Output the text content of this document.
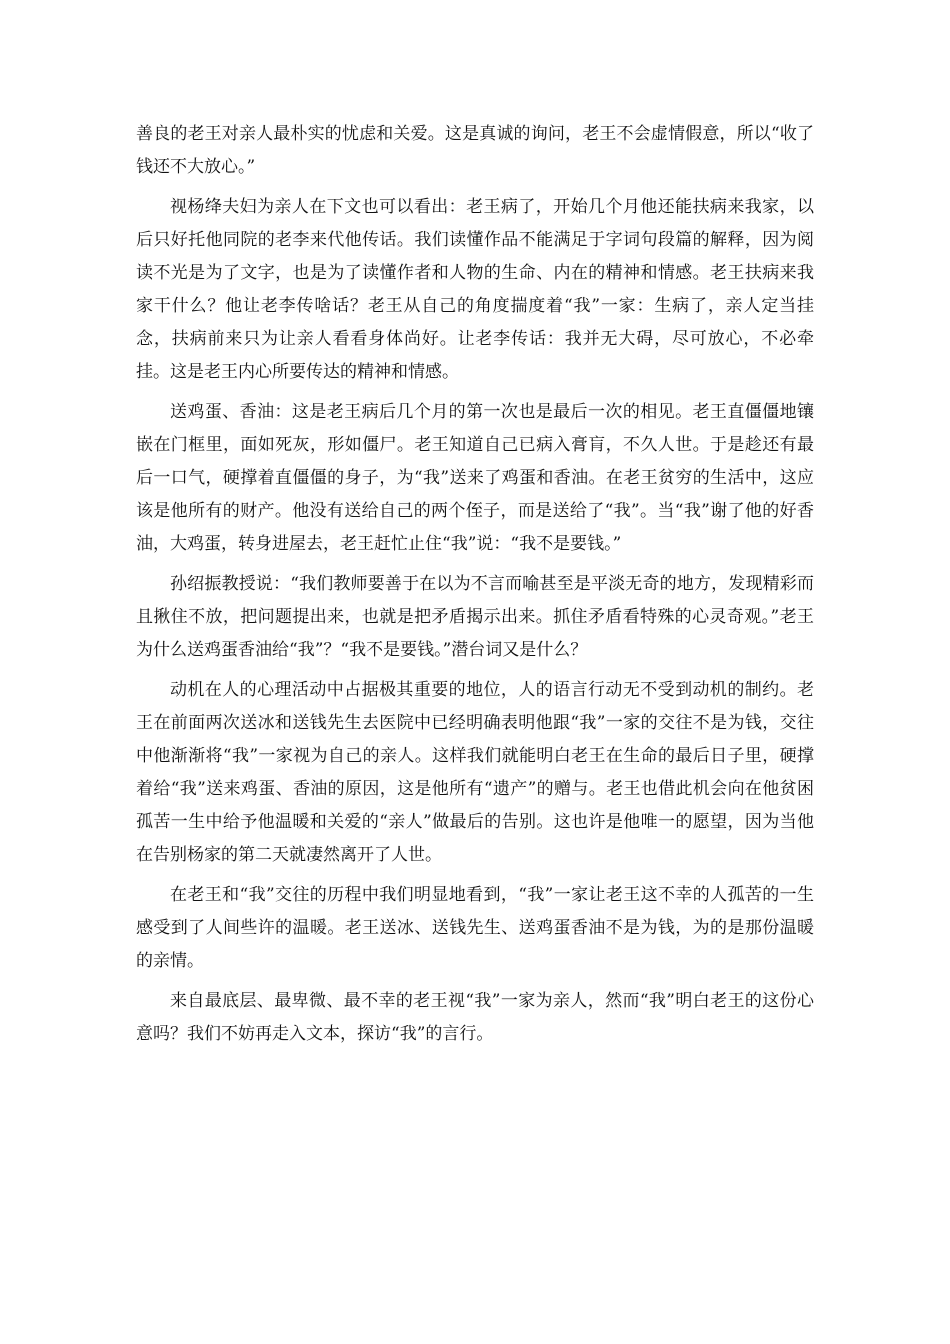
善良的老王对亲人最朴实的忧虑和关爱。这是真诚的询问，老王不会虚情假意，所以“收了钱还不大放心。”

视杨绛夫妇为亲人在下文也可以看出：老王病了，开始几个月他还能扶病来我家，以后只好托他同院的老李来代他传话。我们读懂作品不能满足于字词句段篇的解释，因为阅读不光是为了文字，也是为了读懂作者和人物的生命、内在的精神和情感。老王扶病来我家干什么？他让老李传啥话？老王从自己的角度揣度着“我”一家：生病了，亲人定当挂念，扶病前来只为让亲人看看身体尚好。让老李传话：我并无大碍，尽可放心，不必牵挂。这是老王内心所要传达的精神和情感。

送鸡蛋、香油：这是老王病后几个月的第一次也是最后一次的相见。老王直僵僵地镶嵌在门框里，面如死灰，形如僵尸。老王知道自己已病入膏肓，不久人世。于是趁还有最后一口气，硬撑着直僵僵的身子，为“我”送来了鸡蛋和香油。在老王贫穷的生活中，这应该是他所有的财产。他没有送给自己的两个侄子，而是送给了“我”。当“我”谢了他的好香油，大鸡蛋，转身进屋去，老王赶忙止住“我”说：“我不是要钱。”

孙绍振教授说：“我们教师要善于在以为不言而喻甚至是平淡无奇的地方，发现精彩而且揪住不放，把问题提出来，也就是把矛盾揭示出来。抓住矛盾看特殊的心灵奇观。”老王为什么送鸡蛋香油给“我”？“我不是要钱。”潜台词又是什么？

动机在人的心理活动中占据极其重要的地位，人的语言行动无不受到动机的制约。老王在前面两次送冰和送钱先生去医院中已经明确表明他跟“我”一家的交往不是为钱，交往中他渐渐将“我”一家视为自己的亲人。这样我们就能明白老王在生命的最后日子里，硬撑着给“我”送来鸡蛋、香油的原因，这是他所有“遗产”的赠与。老王也借此机会向在他贫困孤苦一生中给予他温暖和关爱的“亲人”做最后的告别。这也许是他唯一的愿望，因为当他在告别杨家的第二天就凄然离开了人世。

在老王和“我”交往的历程中我们明显地看到，“我”一家让老王这不幸的人孤苦的一生感受到了人间些许的温暖。老王送冰、送钱先生、送鸡蛋香油不是为钱，为的是那份温暖的亲情。

来自最底层、最卑微、最不幸的老王视“我”一家为亲人，然而“我”明白老王的这份心意吗？我们不妨再走入文本，探访“我”的言行。
